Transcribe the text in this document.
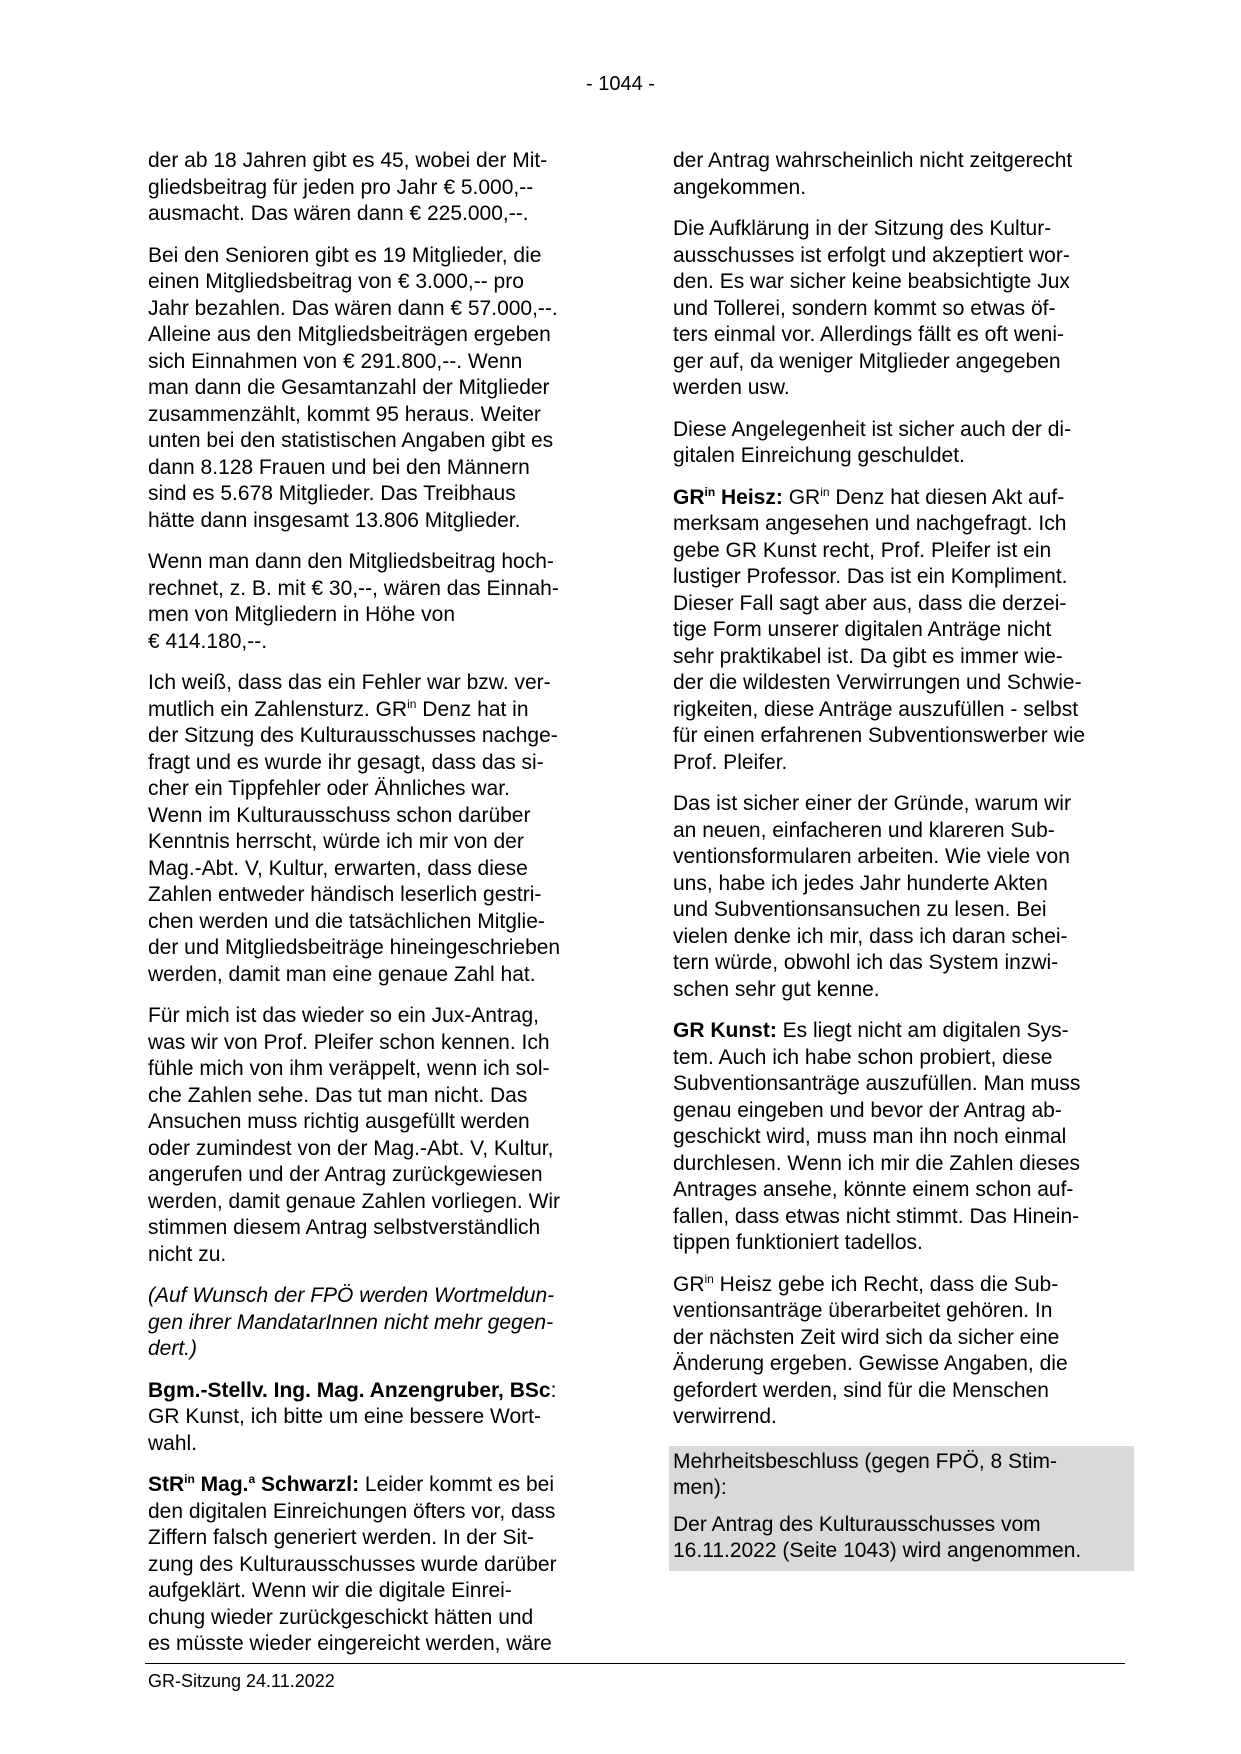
- 1044 -
der ab 18 Jahren gibt es 45, wobei der Mit-
gliedsbeitrag für jeden pro Jahr € 5.000,--
ausmacht. Das wären dann € 225.000,--.
Bei den Senioren gibt es 19 Mitglieder, die
einen Mitgliedsbeitrag von € 3.000,-- pro
Jahr bezahlen. Das wären dann € 57.000,--.
Alleine aus den Mitgliedsbeiträgen ergeben
sich Einnahmen von € 291.800,--. Wenn
man dann die Gesamtanzahl der Mitglieder
zusammenzählt, kommt 95 heraus. Weiter
unten bei den statistischen Angaben gibt es
dann 8.128 Frauen und bei den Männern
sind es 5.678 Mitglieder. Das Treibhaus
hätte dann insgesamt 13.806 Mitglieder.
Wenn man dann den Mitgliedsbeitrag hoch-
rechnet, z. B. mit € 30,--, wären das Einnah-
men von Mitgliedern in Höhe von
€ 414.180,--.
Ich weiß, dass das ein Fehler war bzw. ver-
mutlich ein Zahlensturz. $GR^{in}$ Denz hat in
der Sitzung des Kulturausschusses nachge-
fragt und es wurde ihr gesagt, dass das si-
cher ein Tippfehler oder Ähnliches war.
Wenn im Kulturausschuss schon darüber
Kenntnis herrscht, würde ich mir von der
Mag.-Abt. V, Kultur, erwarten, dass diese
Zahlen entweder händisch leserlich gestri-
chen werden und die tatsächlichen Mitglie-
der und Mitgliedsbeiträge hineingeschrieben
werden, damit man eine genaue Zahl hat.
Für mich ist das wieder so ein Jux-Antrag,
was wir von Prof. Pleifer schon kennen. Ich
fühle mich von ihm veräppelt, wenn ich sol-
che Zahlen sehe. Das tut man nicht. Das
Ansuchen muss richtig ausgefüllt werden
oder zumindest von der Mag.-Abt. V, Kultur,
angerufen und der Antrag zurückgewiesen
werden, damit genaue Zahlen vorliegen. Wir
stimmen diesem Antrag selbstverständlich
nicht zu.
(Auf Wunsch der FPÖ werden Wortmeldun-
gen ihrer MandatarInnen nicht mehr gegen-
dert.)
Bgm.-Stellv. Ing. Mag. Anzengruber, BSc:
GR Kunst, ich bitte um eine bessere Wort-
wahl.
StR$^{in}$ Mag.$^a$ Schwarzl: Leider kommt es bei
den digitalen Einreichungen öfters vor, dass
Ziffern falsch generiert werden. In der Sit-
zung des Kulturausschusses wurde darüber
aufgeklärt. Wenn wir die digitale Einrei-
chung wieder zurückgeschickt hätten und
es müsste wieder eingereicht werden, wäre
der Antrag wahrscheinlich nicht zeitgerecht
angekommen.
Die Aufklärung in der Sitzung des Kultur-
ausschusses ist erfolgt und akzeptiert wor-
den. Es war sicher keine beabsichtigte Jux
und Tollerei, sondern kommt so etwas öf-
ters einmal vor. Allerdings fällt es oft weni-
ger auf, da weniger Mitglieder angegeben
werden usw.
Diese Angelegenheit ist sicher auch der di-
gitalen Einreichung geschuldet.
$GR^{in}$ Heisz: $GR^{in}$ Denz hat diesen Akt auf-
merksam angesehen und nachgefragt. Ich
gebe GR Kunst recht, Prof. Pleifer ist ein
lustiger Professor. Das ist ein Kompliment.
Dieser Fall sagt aber aus, dass die derzei-
tige Form unserer digitalen Anträge nicht
sehr praktikabel ist. Da gibt es immer wie-
der die wildesten Verwirrungen und Schwie-
rigkeiten, diese Anträge auszufüllen - selbst
für einen erfahrenen Subventionswerber wie
Prof. Pleifer.
Das ist sicher einer der Gründe, warum wir
an neuen, einfacheren und klareren Sub-
ventionsformularen arbeiten. Wie viele von
uns, habe ich jedes Jahr hunderte Akten
und Subventionsansuchen zu lesen. Bei
vielen denke ich mir, dass ich daran schei-
tern würde, obwohl ich das System inzwi-
schen sehr gut kenne.
GR Kunst: Es liegt nicht am digitalen Sys-
tem. Auch ich habe schon probiert, diese
Subventionsanträge auszufüllen. Man muss
genau eingeben und bevor der Antrag ab-
geschickt wird, muss man ihn noch einmal
durchlesen. Wenn ich mir die Zahlen dieses
Antrages ansehe, könnte einem schon auf-
fallen, dass etwas nicht stimmt. Das Hinein-
tippen funktioniert tadellos.
$GR^{in}$ Heisz gebe ich Recht, dass die Sub-
ventionsanträge überarbeitet gehören. In
der nächsten Zeit wird sich da sicher eine
Änderung ergeben. Gewisse Angaben, die
gefordert werden, sind für die Menschen
verwirrend.
Mehrheitsbeschluss (gegen FPÖ, 8 Stim-
men):
Der Antrag des Kulturausschusses vom
16.11.2022 (Seite 1043) wird angenommen.
GR-Sitzung 24.11.2022
